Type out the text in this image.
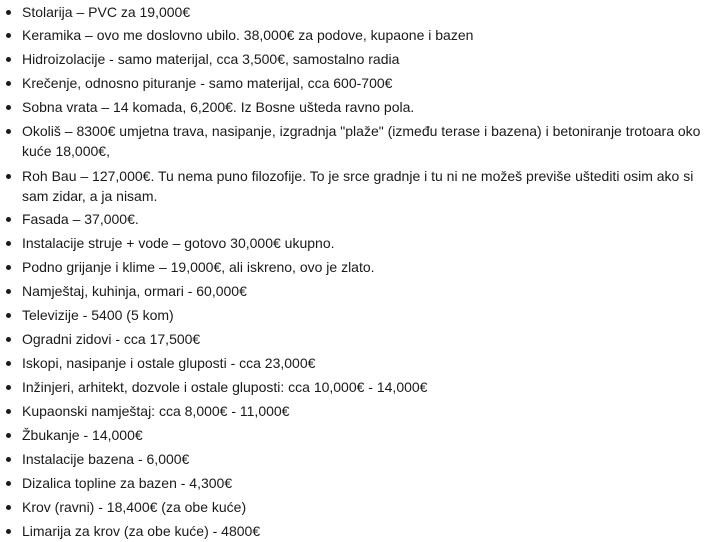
Stolarija – PVC za 19,000€
Keramika – ovo me doslovno ubilo. 38,000€ za podove, kupaone i bazen
Hidroizolacije - samo materijal, cca 3,500€, samostalno radia
Krečenje, odnosno pituranje - samo materijal, cca 600-700€
Sobna vrata – 14 komada, 6,200€. Iz Bosne ušteda ravno pola.
Okoliš – 8300€ umjetna trava, nasipanje, izgradnja "plaže" (između terase i bazena) i betoniranje trotoara oko kuće 18,000€,
Roh Bau – 127,000€. Tu nema puno filozofije. To je srce gradnje i tu ni ne možeš previše uštediti osim ako si sam zidar, a ja nisam.
Fasada – 37,000€.
Instalacije struje + vode – gotovo 30,000€ ukupno.
Podno grijanje i klime – 19,000€, ali iskreno, ovo je zlato.
Namještaj, kuhinja, ormari - 60,000€
Televizije - 5400 (5 kom)
Ogradni zidovi - cca 17,500€
Iskopi, nasipanje i ostale gluposti - cca 23,000€
Inžinjeri, arhitekt, dozvole i ostale gluposti: cca 10,000€ - 14,000€
Kupaonski namještaj: cca 8,000€ - 11,000€
Žbukanje - 14,000€
Instalacije bazena - 6,000€
Dizalica topline za bazen - 4,300€
Krov (ravni) - 18,400€ (za obe kuće)
Limarija za krov (za obe kuće) - 4800€
